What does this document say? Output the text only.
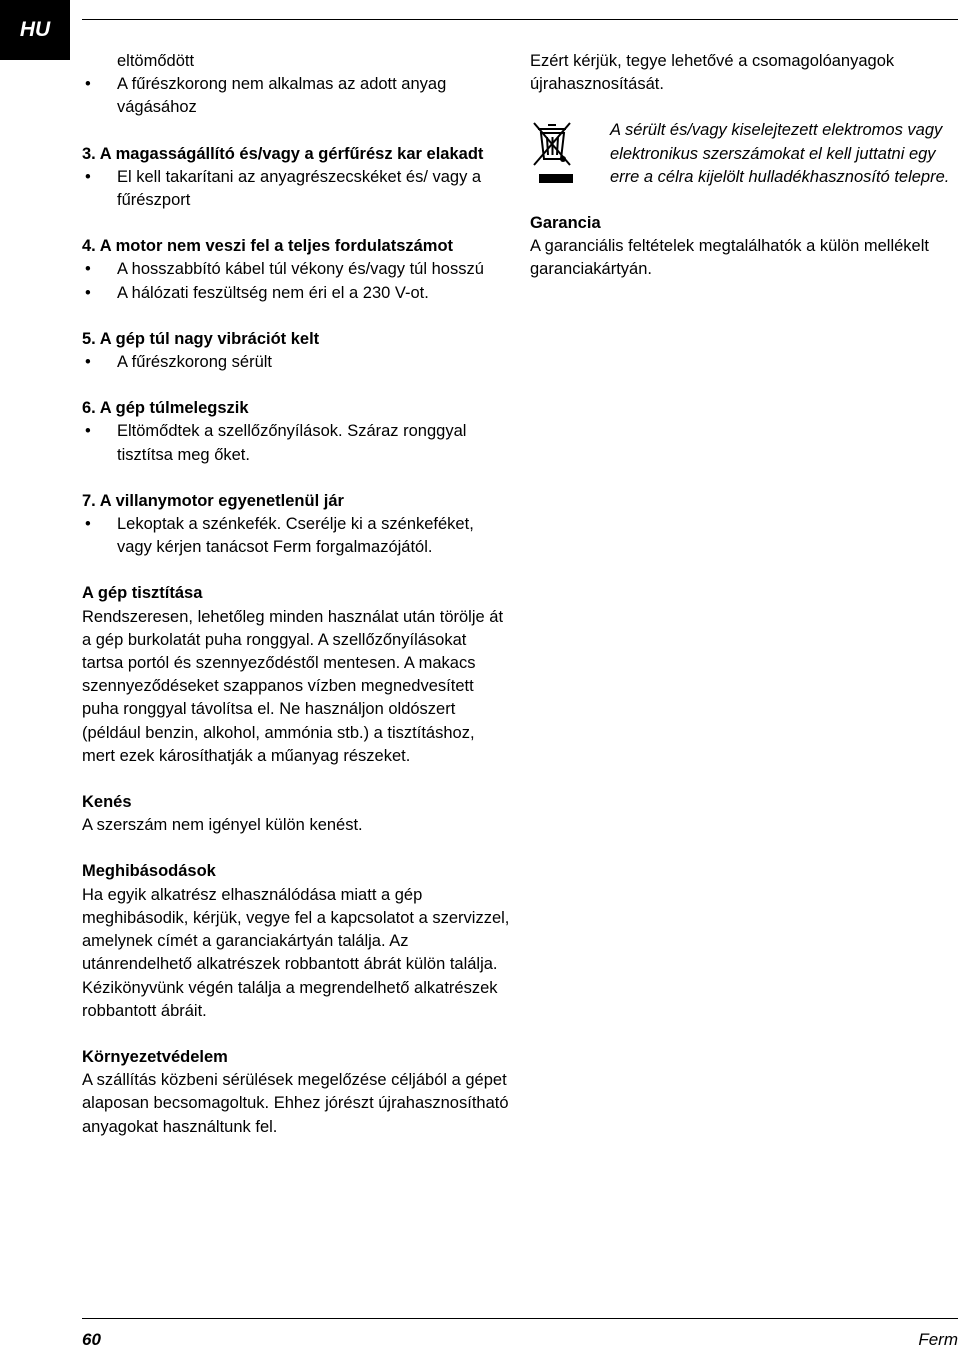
HU

eltömődött

• A fűrészkorong nem alkalmas az adott anyag vágásához

3. A magasságállító és/vagy a gérfűrész kar elakadt

• El kell takarítani az anyagrészecskéket és/ vagy a fűrészport

4. A motor nem veszi fel a teljes fordulatszámot

• A hosszabbító kábel túl vékony és/vagy túl hosszú
• A hálózati feszültség nem éri el a 230 V-ot.

5. A gép túl nagy vibrációt kelt

• A fűrészkorong sérült

6. A gép túlmelegszik

• Eltömődtek a szellőzőnyílások. Száraz ronggyal tisztítsa meg őket.

7. A villanymotor egyenetlenül jár

• Lekoptak a szénkefék. Cserélje ki a szénkeféket, vagy kérjen tanácsot Ferm forgalmazójától.

A gép tisztítása

Rendszeresen, lehetőleg minden használat után törölje át a gép burkolatát puha ronggyal. A szellőzőnyílásokat tartsa portól és szennyeződéstől mentesen. A makacs szennyeződéseket szappanos vízben megnedvesített puha ronggyal távolítsa el. Ne használjon oldószert (például benzin, alkohol, ammónia stb.) a tisztításhoz, mert ezek károsíthatják a műanyag részeket.

Kenés

A szerszám nem igényel külön kenést.

Meghibásodások

Ha egyik alkatrész elhasználódása miatt a gép meghibásodik, kérjük, vegye fel a kapcsolatot a szervizzel, amelynek címét a garanciakártyán találja. Az utánrendelhető alkatrészek robbantott ábrát külön találja.

Kézikönyvünk végén találja a megrendelhető alkatrészek robbantott ábráit.

Környezetvédelem

A szállítás közbeni sérülések megelőzése céljából a gépet alaposan becsomagoltuk. Ehhez jórészt újrahasznosítható anyagokat használtunk fel.

Ezért kérjük, tegye lehetővé a csomagolóanyagok újrahasznosítását.

A sérült és/vagy kiselejtezett elektromos vagy elektronikus szerszámokat el kell juttatni egy erre a célra kijelölt hulladékhasznosító telepre.

Garancia

A garanciális feltételek megtalálhatók a külön mellékelt garanciakártyán.

60	Ferm
